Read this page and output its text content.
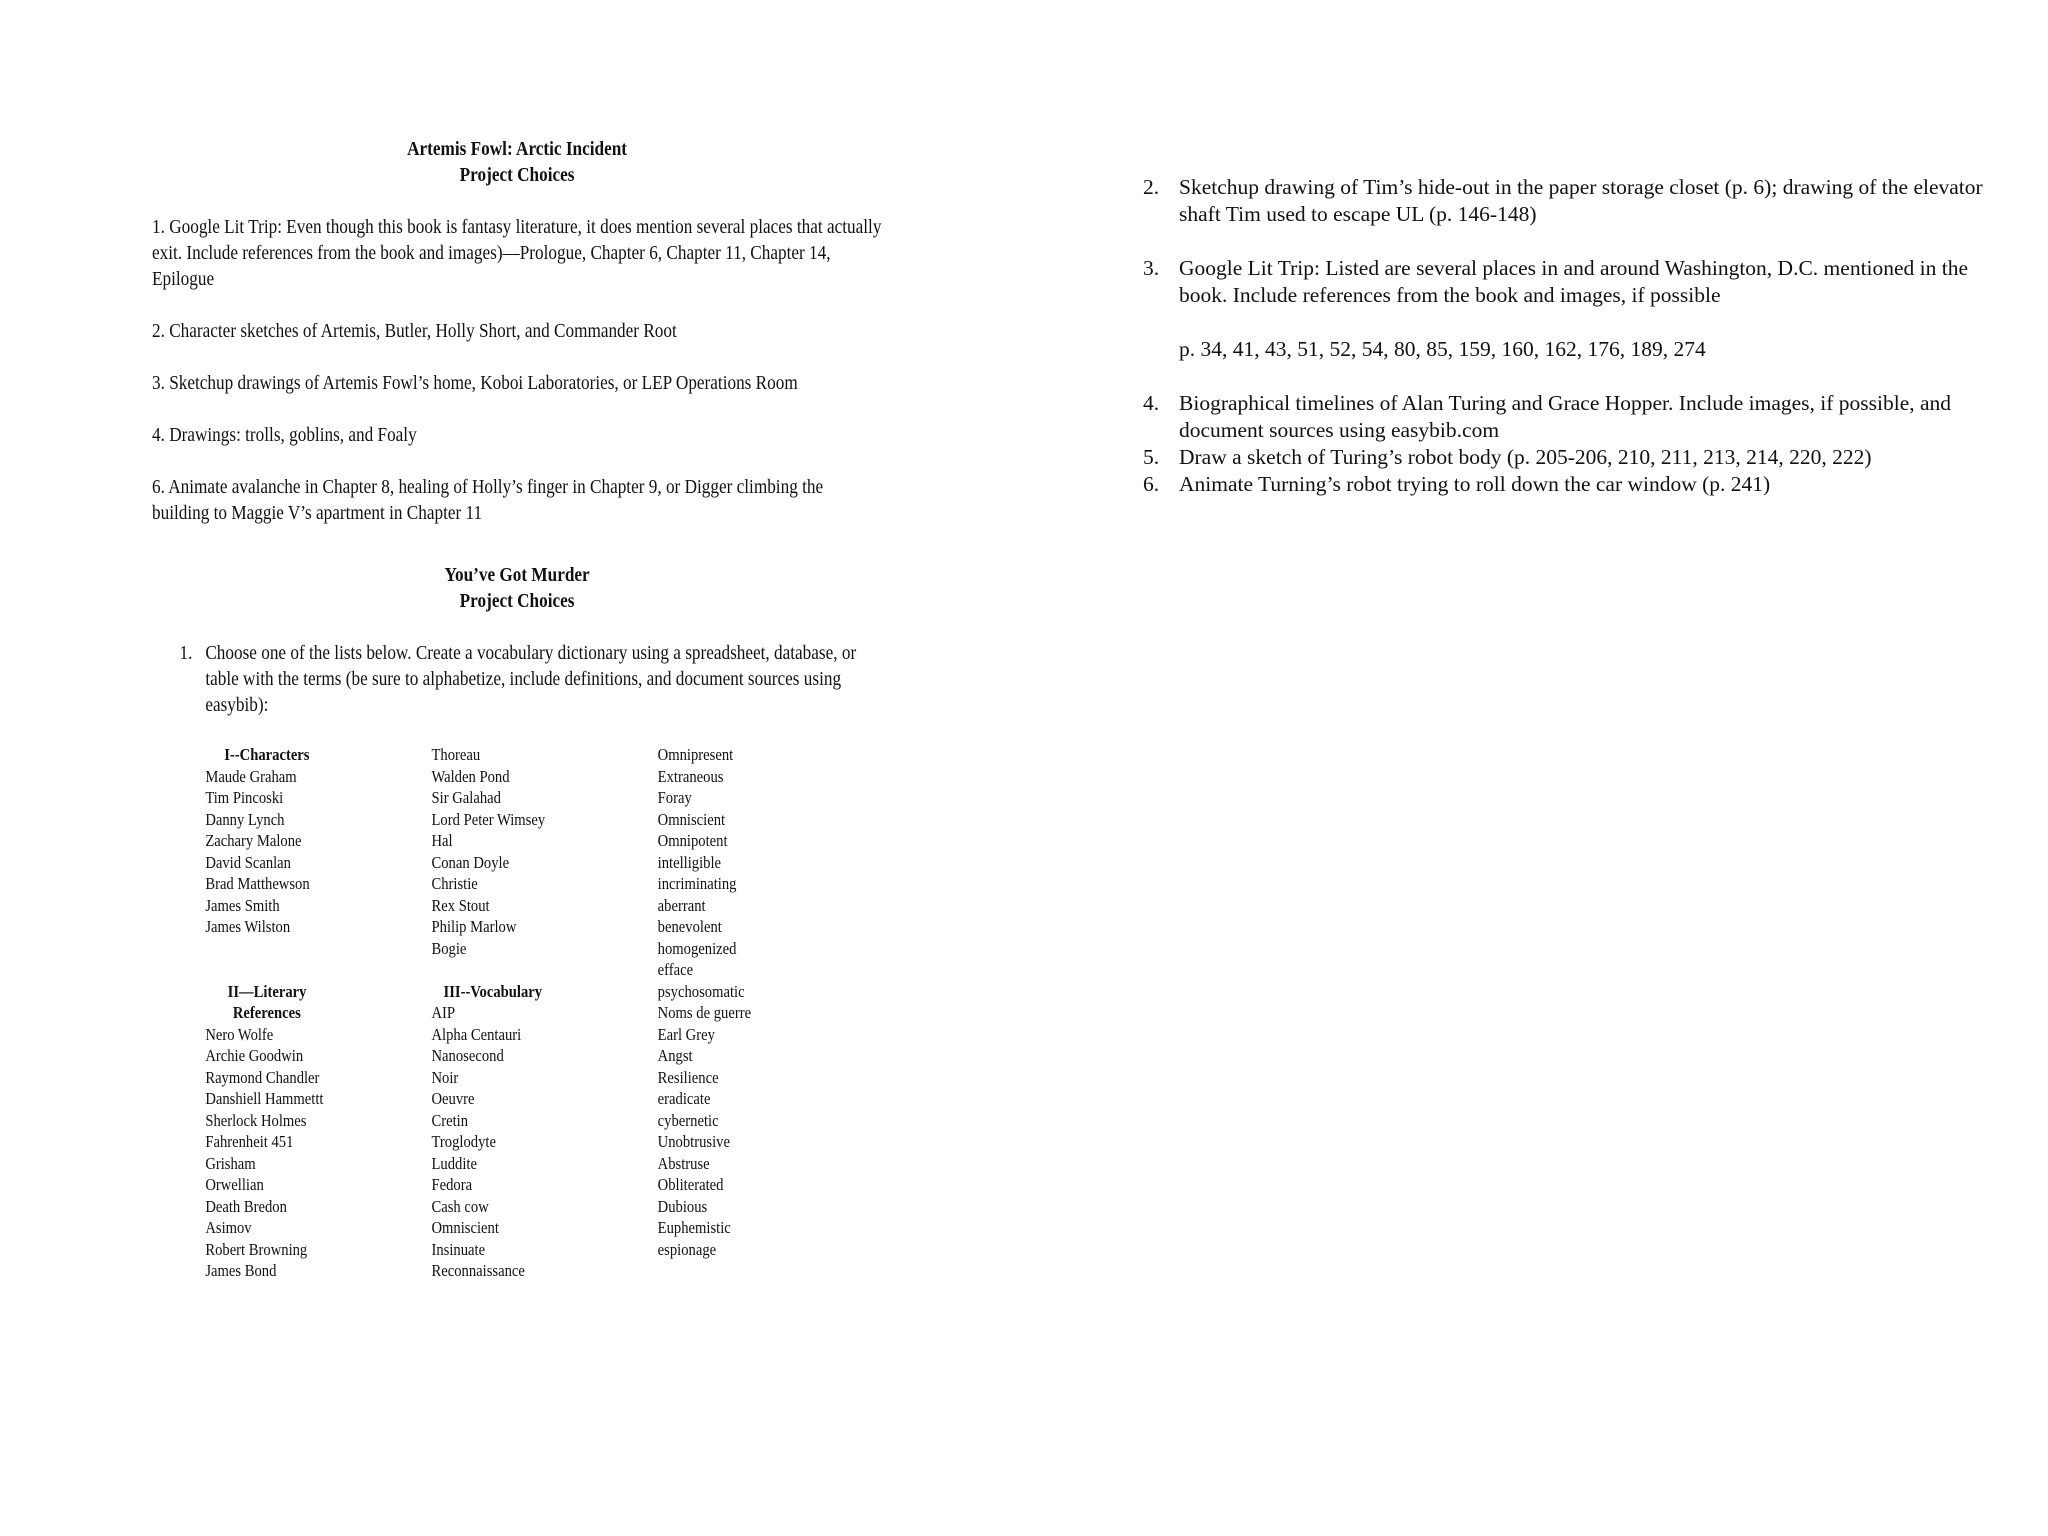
Artemis Fowl: Arctic Incident

Project Choices

1. Google Lit Trip: Even though this book is fantasy literature, it does mention several places that actually exit. Include references from the book and images)—Prologue, Chapter 6, Chapter 11, Chapter 14, Epilogue

2. Character sketches of Artemis, Butler, Holly Short, and Commander Root

3. Sketchup drawings of Artemis Fowl’s home, Koboi Laboratories, or LEP Operations Room

4. Drawings: trolls, goblins, and Foaly

6. Animate avalanche in Chapter 8, healing of Holly’s finger in Chapter 9, or Digger climbing the building to Maggie V’s apartment in Chapter 11

You’ve Got Murder

Project Choices

1. Choose one of the lists below. Create a vocabulary dictionary using a spreadsheet, database, or table with the terms (be sure to alphabetize, include definitions, and document sources using easybib):
I--Characters
Maude Graham
Tim Pincoski
Danny Lynch
Zachary Malone
David Scanlan
Brad Matthewson
James Smith
James Wilston
II—Literary
References
Nero Wolfe
Archie Goodwin
Raymond Chandler
Danshiell Hammettt
Sherlock Holmes
Fahrenheit 451
Grisham
Orwellian
Death Bredon
Asimov
Robert Browning
James Bond
Thoreau
Walden Pond
Sir Galahad
Lord Peter Wimsey
Hal
Conan Doyle
Christie
Rex Stout
Philip Marlow
Bogie
III--Vocabulary
AIP
Alpha Centauri
Nanosecond
Noir
Oeuvre
Cretin
Troglodyte
Luddite
Fedora
Cash cow
Omniscient
Insinuate
Reconnaissance
Omnipresent
Extraneous
Foray
Omniscient
Omnipotent
intelligible
incriminating
aberrant
benevolent
homogenized
efface
psychosomatic
Noms de guerre
Earl Grey
Angst
Resilience
eradicate
cybernetic
Unobtrusive
Abstruse
Obliterated
Dubious
Euphemistic
espionage
2. Sketchup drawing of Tim’s hide-out in the paper storage closet (p. 6); drawing of the elevator shaft Tim used to escape UL (p. 146-148)
3. Google Lit Trip: Listed are several places in and around Washington, D.C. mentioned in the book. Include references from the book and images, if possible
p. 34, 41, 43, 51, 52, 54, 80, 85, 159, 160, 162, 176, 189, 274
4. Biographical timelines of Alan Turing and Grace Hopper. Include images, if possible, and document sources using easybib.com
5. Draw a sketch of Turing’s robot body (p. 205-206, 210, 211, 213, 214, 220, 222)
6. Animate Turning’s robot trying to roll down the car window (p. 241)
